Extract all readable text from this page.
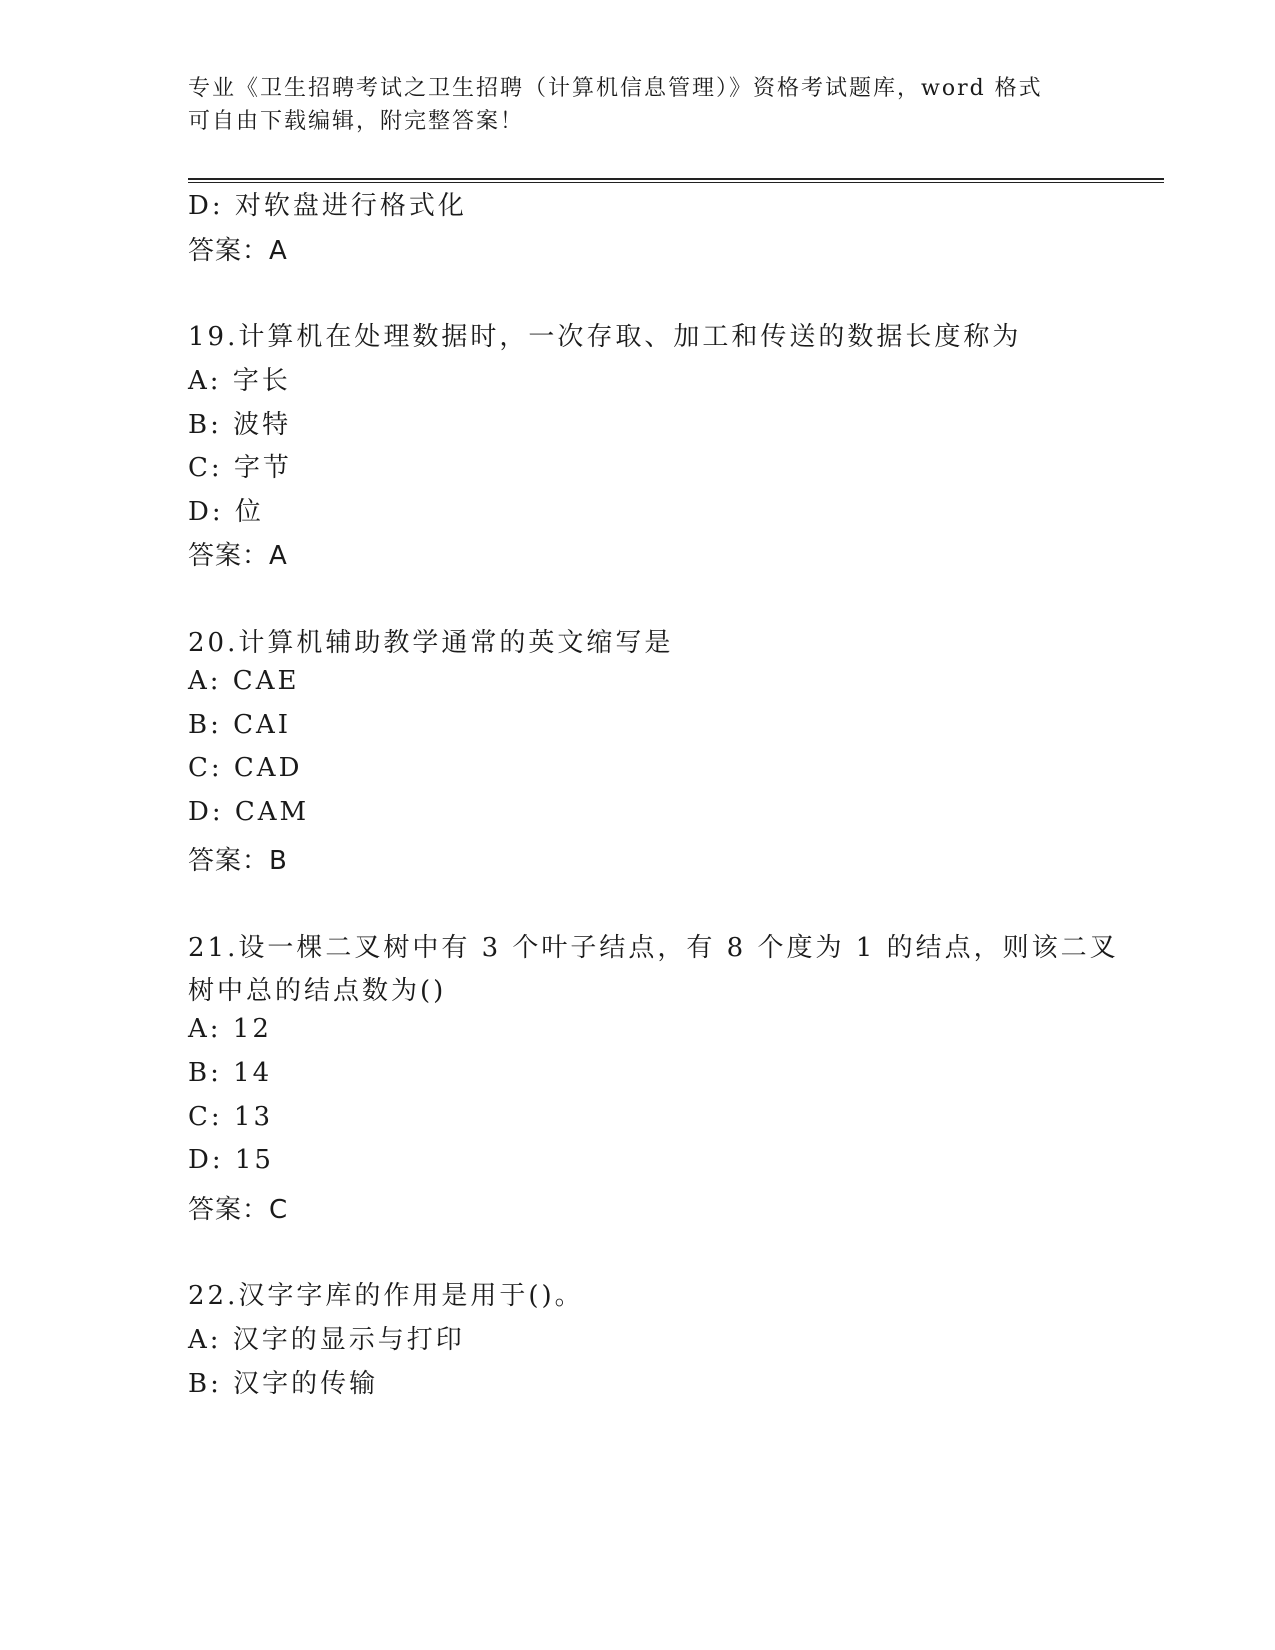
专业《卫生招聘考试之卫生招聘（计算机信息管理）》资格考试题库，word 格式
可自由下载编辑，附完整答案！
D: 对软盘进行格式化
答案：A
19.计算机在处理数据时，一次存取、加工和传送的数据长度称为
A: 字长
B: 波特
C: 字节
D: 位
答案：A
20.计算机辅助教学通常的英文缩写是
A: CAE
B: CAI
C: CAD
D: CAM
答案：B
21.设一棵二叉树中有 3 个叶子结点，有 8 个度为 1 的结点，则该二叉
树中总的结点数为()
A: 12
B: 14
C: 13
D: 15
答案：C
22.汉字字库的作用是用于()。
A: 汉字的显示与打印
B: 汉字的传输
